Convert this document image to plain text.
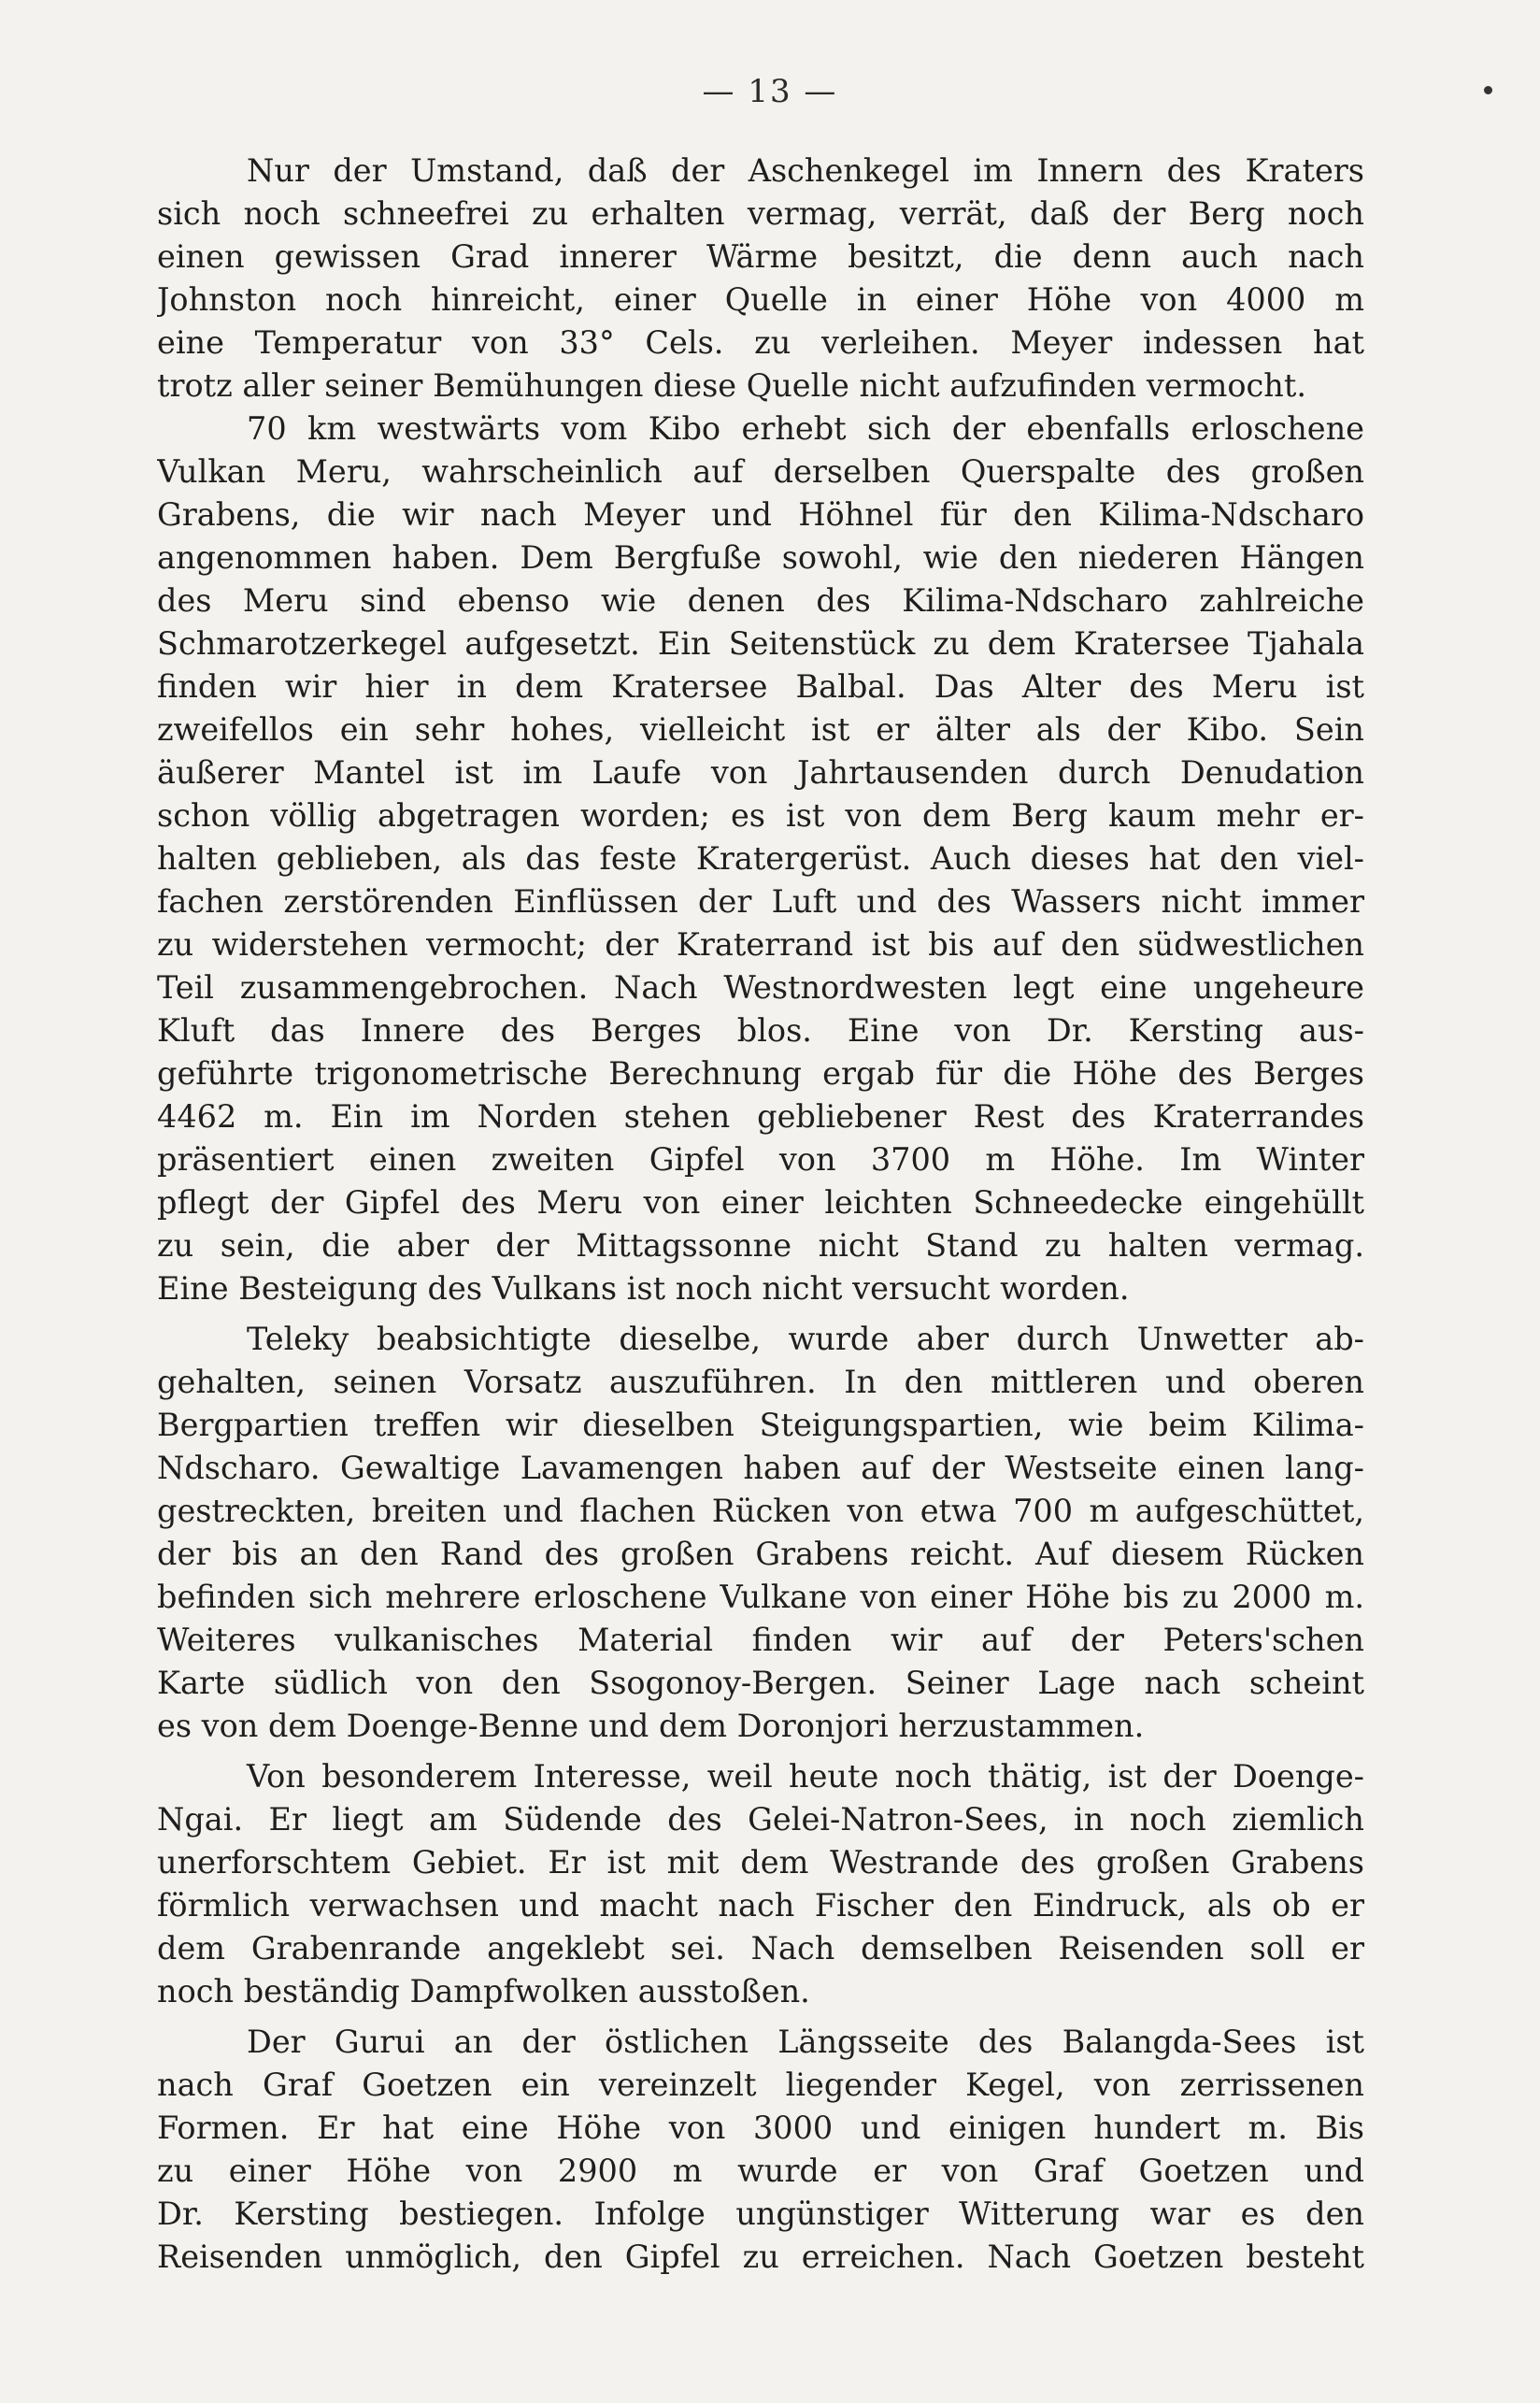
— 13 —
Nur der Umstand, daß der Aschenkegel im Innern des Kraters
sich noch schneefrei zu erhalten vermag, verrät, daß der Berg noch
einen gewissen Grad innerer Wärme besitzt, die denn auch nach
Johnston noch hinreicht, einer Quelle in einer Höhe von 4000 m
eine Temperatur von 33° Cels. zu verleihen. Meyer indessen hat
trotz aller seiner Bemühungen diese Quelle nicht aufzufinden vermocht.
70 km westwärts vom Kibo erhebt sich der ebenfalls erloschene
Vulkan Meru, wahrscheinlich auf derselben Querspalte des großen
Grabens, die wir nach Meyer und Höhnel für den Kilima-Ndscharo
angenommen haben. Dem Bergfuße sowohl, wie den niederen Hängen
des Meru sind ebenso wie denen des Kilima-Ndscharo zahlreiche
Schmarotzerkegel aufgesetzt. Ein Seitenstück zu dem Kratersee Tjahala
finden wir hier in dem Kratersee Balbal. Das Alter des Meru ist
zweifellos ein sehr hohes, vielleicht ist er älter als der Kibo. Sein
äußerer Mantel ist im Laufe von Jahrtausenden durch Denudation
schon völlig abgetragen worden; es ist von dem Berg kaum mehr er-
halten geblieben, als das feste Kratergerüst. Auch dieses hat den viel-
fachen zerstörenden Einflüssen der Luft und des Wassers nicht immer
zu widerstehen vermocht; der Kraterrand ist bis auf den südwestlichen
Teil zusammengebrochen. Nach Westnordwesten legt eine ungeheure
Kluft das Innere des Berges blos. Eine von Dr. Kersting aus-
geführte trigonometrische Berechnung ergab für die Höhe des Berges
4462 m. Ein im Norden stehen gebliebener Rest des Kraterrandes
präsentiert einen zweiten Gipfel von 3700 m Höhe. Im Winter
pflegt der Gipfel des Meru von einer leichten Schneedecke eingehüllt
zu sein, die aber der Mittagssonne nicht Stand zu halten vermag.
Eine Besteigung des Vulkans ist noch nicht versucht worden.
Teleky beabsichtigte dieselbe, wurde aber durch Unwetter ab-
gehalten, seinen Vorsatz auszuführen. In den mittleren und oberen
Bergpartien treffen wir dieselben Steigungspartien, wie beim Kilima-
Ndscharo. Gewaltige Lavamengen haben auf der Westseite einen lang-
gestreckten, breiten und flachen Rücken von etwa 700 m aufgeschüttet,
der bis an den Rand des großen Grabens reicht. Auf diesem Rücken
befinden sich mehrere erloschene Vulkane von einer Höhe bis zu 2000 m.
Weiteres vulkanisches Material finden wir auf der Peters'schen
Karte südlich von den Ssogonoy-Bergen. Seiner Lage nach scheint
es von dem Doenge-Benne und dem Doronjori herzustammen.
Von besonderem Interesse, weil heute noch thätig, ist der Doenge-
Ngai. Er liegt am Südende des Gelei-Natron-Sees, in noch ziemlich
unerforschtem Gebiet. Er ist mit dem Westrande des großen Grabens
förmlich verwachsen und macht nach Fischer den Eindruck, als ob er
dem Grabenrande angeklebt sei. Nach demselben Reisenden soll er
noch beständig Dampfwolken ausstoßen.
Der Gurui an der östlichen Längsseite des Balangda-Sees ist
nach Graf Goetzen ein vereinzelt liegender Kegel, von zerrissenen
Formen. Er hat eine Höhe von 3000 und einigen hundert m. Bis
zu einer Höhe von 2900 m wurde er von Graf Goetzen und
Dr. Kersting bestiegen. Infolge ungünstiger Witterung war es den
Reisenden unmöglich, den Gipfel zu erreichen. Nach Goetzen besteht
